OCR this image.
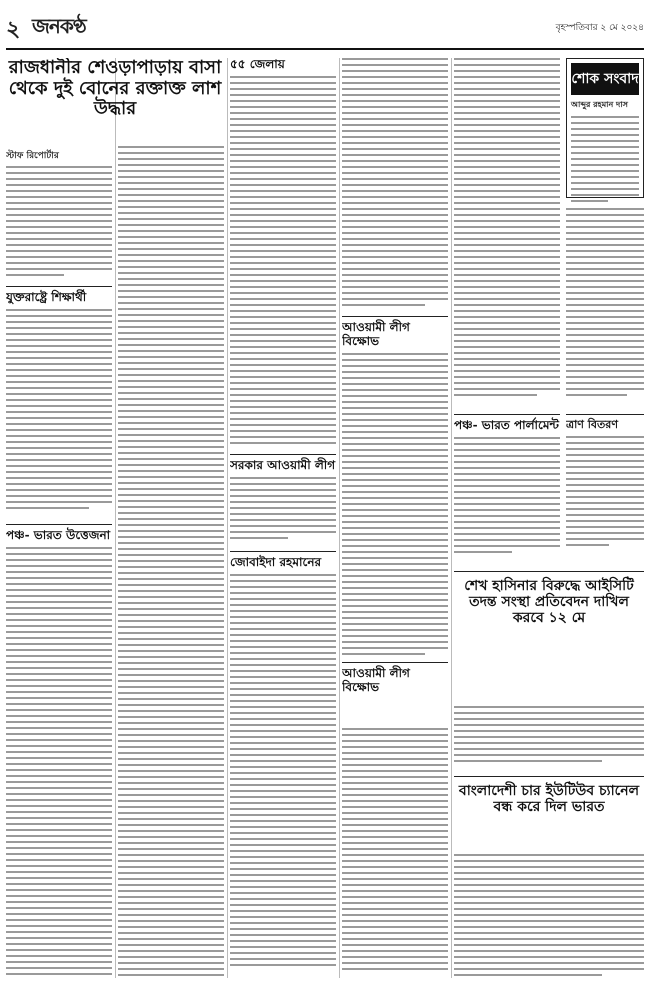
২ জনকণ্ঠ	বৃহস্পতিবার ২ মে ২০২৪
রাজধানীর শেওড়াপাড়ায় বাসা থেকে দুই বোনের রক্তাক্ত লাশ উদ্ধার
স্টাফ রিপোর্টার
যুক্তরাষ্ট্রে শিক্ষার্থী
পঞ্চ- ভারত উত্তেজনা
৫৫ জেলায়
সরকার আওয়ামী লীগ
জোবাইদা রহমানের
আওয়ামী লীগ বিক্ষোভ
আওয়ামী লীগ বিক্ষোভ
শোক সংবাদ
আব্দুর রহমান দাস
পঞ্চ- ভারত পার্লামেন্ট ত্রাণ বিতরণ
শেখ হাসিনার বিরুদ্ধে আইসিটি তদন্ত সংস্থা প্রতিবেদন দাখিল করবে ১২ মে
বাংলাদেশী চার ইউটিউব চ্যানেল বন্ধ করে দিল ভারত
